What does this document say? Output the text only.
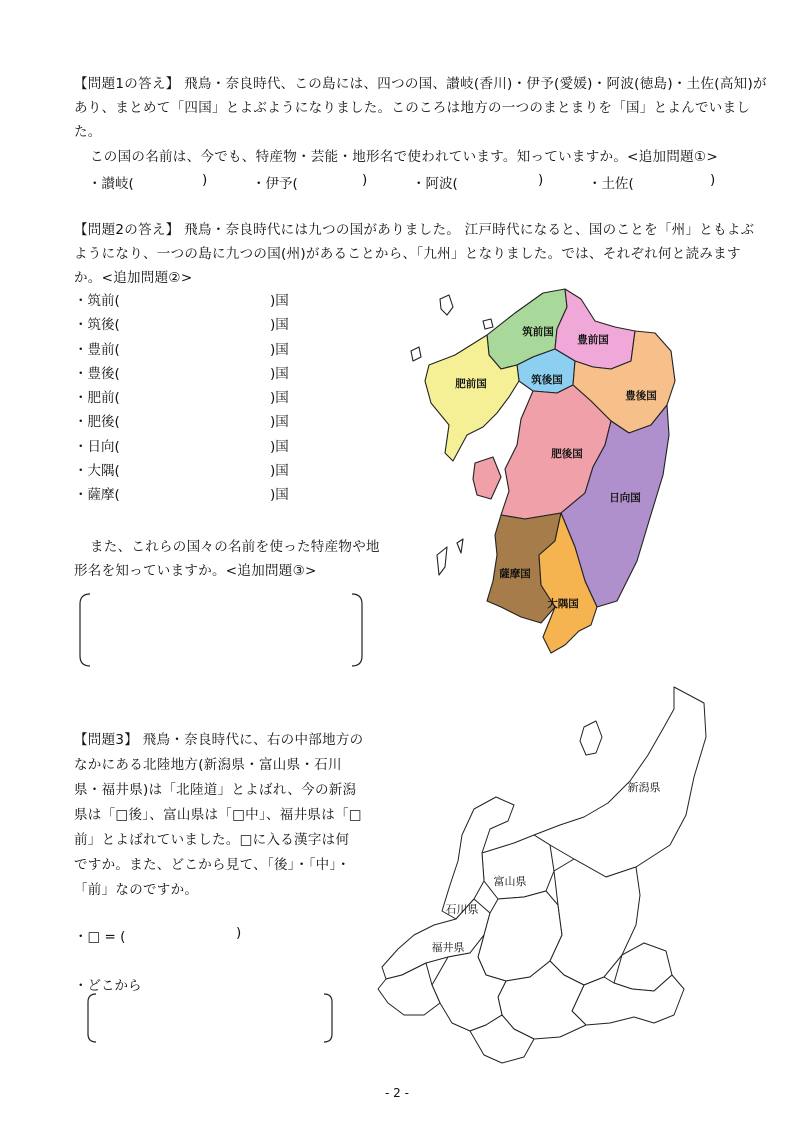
【問題1の答え】 飛鳥・奈良時代、この島には、四つの国、讃岐(香川)・伊予(愛媛)・阿波(徳島)・土佐(高知)が
あり、まとめて「四国」とよぶようになりました。このころは地方の一つのまとまりを「国」とよんでいまし
た。
この国の名前は、今でも、特産物・芸能・地形名で使われています。知っていますか。<追加問題①>
・讃岐(	)	・伊予(	)	・阿波(	)	・土佐(	)
【問題2の答え】 飛鳥・奈良時代には九つの国がありました。 江戸時代になると、国のことを「州」ともよぶ
ようになり、一つの島に九つの国(州)があることから、「九州」となりました。では、それぞれ何と読みます
か。<追加問題②>
・筑前(	)国
・筑後(	)国
・豊前(	)国
・豊後(	)国
・肥前(	)国
・肥後(	)国
・日向(	)国
・大隅(	)国
・薩摩(	)国
また、これらの国々の名前を使った特産物や地
形名を知っていますか。<追加問題③>
筑前国
豊前国
筑後国
肥前国
豊後国
肥後国
日向国
薩摩国
大隅国
【問題3】 飛鳥・奈良時代に、右の中部地方の
なかにある北陸地方(新潟県・富山県・石川
県・福井県)は「北陸道」とよばれ、今の新潟
県は「□後」、富山県は「□中」、福井県は「□
前」とよばれていました。□に入る漢字は何
ですか。また、どこから見て、「後」・「中」・
「前」なのですか。
・□ = (	)
・どこから
新潟県
富山県
石川県
福井県
- 2 -
